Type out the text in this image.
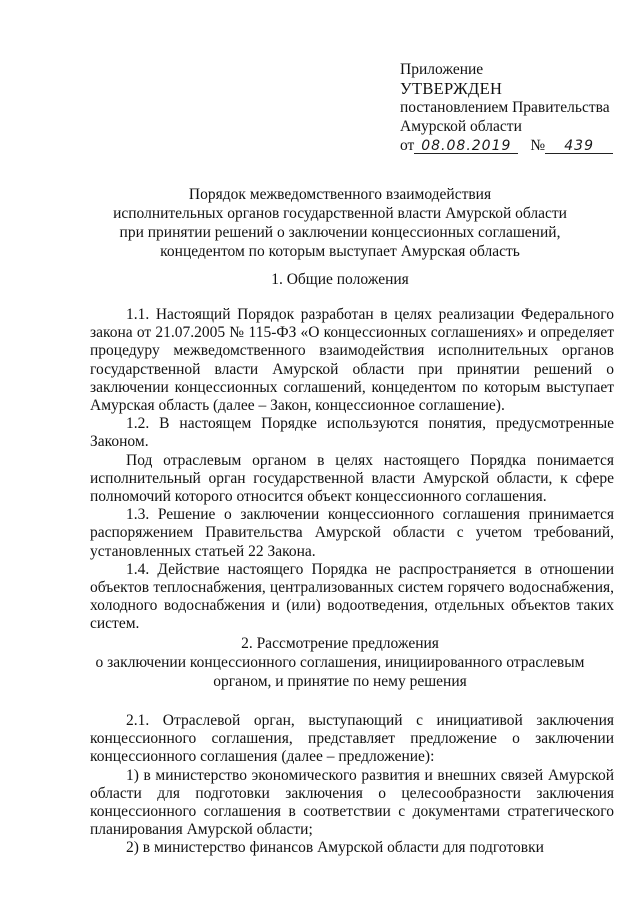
Приложение
УТВЕРЖДЕН
постановлением Правительства
Амурской области
от 08.08.2019	№	439
Порядок межведомственного взаимодействия
исполнительных органов государственной власти Амурской области
при принятии решений о заключении концессионных соглашений,
концедентом по которым выступает Амурская область
1. Общие положения

1.1. Настоящий Порядок разработан в целях реализации Федерального закона от 21.07.2005 № 115-ФЗ «О концессионных соглашениях» и определяет процедуру межведомственного взаимодействия исполнительных органов государственной власти Амурской области при принятии решений о заключении концессионных соглашений, концедентом по которым выступает Амурская область (далее – Закон, концессионное соглашение).

1.2. В настоящем Порядке используются понятия, предусмотренные Законом.

Под отраслевым органом в целях настоящего Порядка понимается исполнительный орган государственной власти Амурской области, к сфере полномочий которого относится объект концессионного соглашения.

1.3. Решение о заключении концессионного соглашения принимается распоряжением Правительства Амурской области с учетом требований, установленных статьей 22 Закона.

1.4. Действие настоящего Порядка не распространяется в отношении объектов теплоснабжения, централизованных систем горячего водоснабжения, холодного водоснабжения и (или) водоотведения, отдельных объектов таких систем.

2. Рассмотрение предложения
о заключении концессионного соглашения, инициированного отраслевым
органом, и принятие по нему решения

2.1. Отраслевой орган, выступающий с инициативой заключения концессионного соглашения, представляет предложение о заключении концессионного соглашения (далее – предложение):

1) в министерство экономического развития и внешних связей Амурской области для подготовки заключения о целесообразности заключения концессионного соглашения в соответствии с документами стратегического планирования Амурской области;

2) в министерство финансов Амурской области для подготовки
